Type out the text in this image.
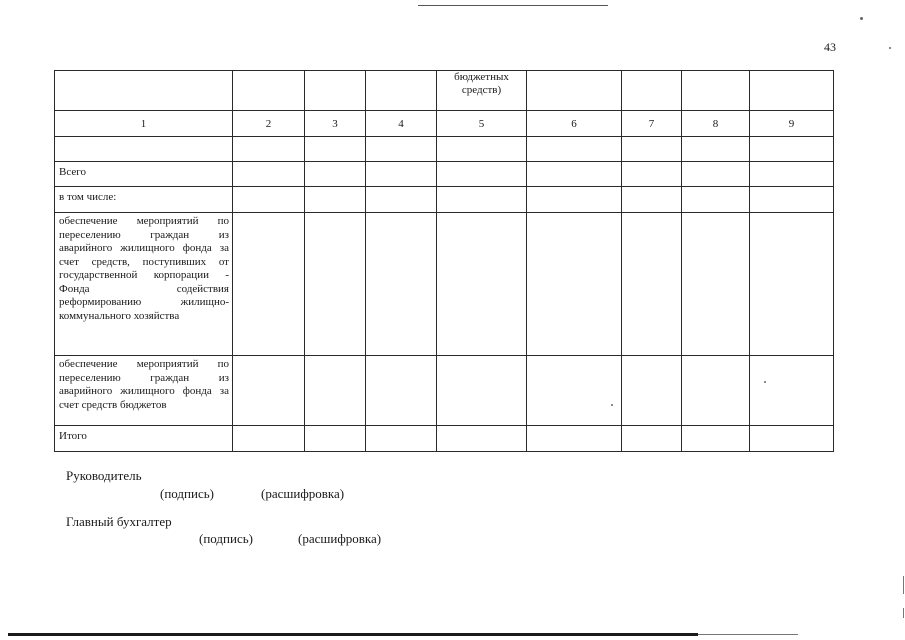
43
				бюджетных средств)				
1	2	3	4	5	6	7	8	9

Всего								
в том числе:								
обеспечение мероприятий по переселению граждан из аварийного жилищного фонда за счет средств, поступивших от государственной корпорации - Фонда содействия реформированию жилищно-коммунального хозяйства								
обеспечение мероприятий по переселению граждан из аварийного жилищного фонда за счет средств бюджетов								
Итого								
Руководитель
(подпись)	(расшифровка)
Главный бухгалтер
(подпись)	(расшифровка)
